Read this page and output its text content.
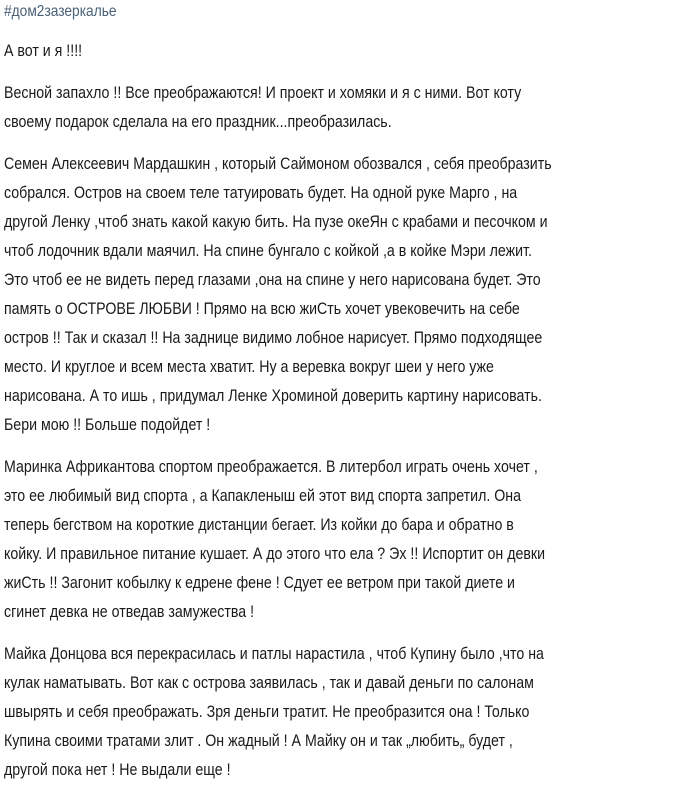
#дом2зазеркалье

А вот и я !!!!

Весной запахло !! Все преображаются! И проект и хомяки и я с ними. Вот коту
своему подарок сделала на его праздник...преобразилась.

Семен Алексеевич Мардашкин , который Саймоном обозвался , себя преобразить
собрался. Остров на своем теле татуировать будет. На одной руке Марго , на
другой Ленку ,чтоб знать какой какую бить. На пузе океЯн с крабами и песочком и
чтоб лодочник вдали маячил. На спине бунгало с койкой ,а в койке Мэри лежит.
Это чтоб ее не видеть перед глазами ,она на спине у него нарисована будет. Это
память о ОСТРОВЕ ЛЮБВИ ! Прямо на всю жиСть хочет увековечить на себе
остров !! Так и сказал !! На заднице видимо лобное нарисует. Прямо подходящее
место. И круглое и всем места хватит. Ну а веревка вокруг шеи у него уже
нарисована. А то ишь , придумал Ленке Хроминой доверить картину нарисовать.
Бери мою !! Больше подойдет !

Маринка Африкантова спортом преображается. В литербол играть очень хочет ,
это ее любимый вид спорта , а Капакленыш ей этот вид спорта запретил. Она
теперь бегством на короткие дистанции бегает. Из койки до бара и обратно в
койку. И правильное питание кушает. А до этого что ела ? Эх !! Испортит он девки
жиСть !! Загонит кобылку к едрене фене ! Сдует ее ветром при такой диете и
сгинет девка не отведав замужества !

Майка Донцова вся перекрасилась и патлы нарастила , чтоб Купину было ,что на
кулак наматывать. Вот как с острова заявилась , так и давай деньги по салонам
швырять и себя преображать. Зря деньги тратит. Не преобразится она ! Только
Купина своими тратами злит . Он жадный ! А Майку он и так „любить„ будет ,
другой пока нет ! Не выдали еще !
